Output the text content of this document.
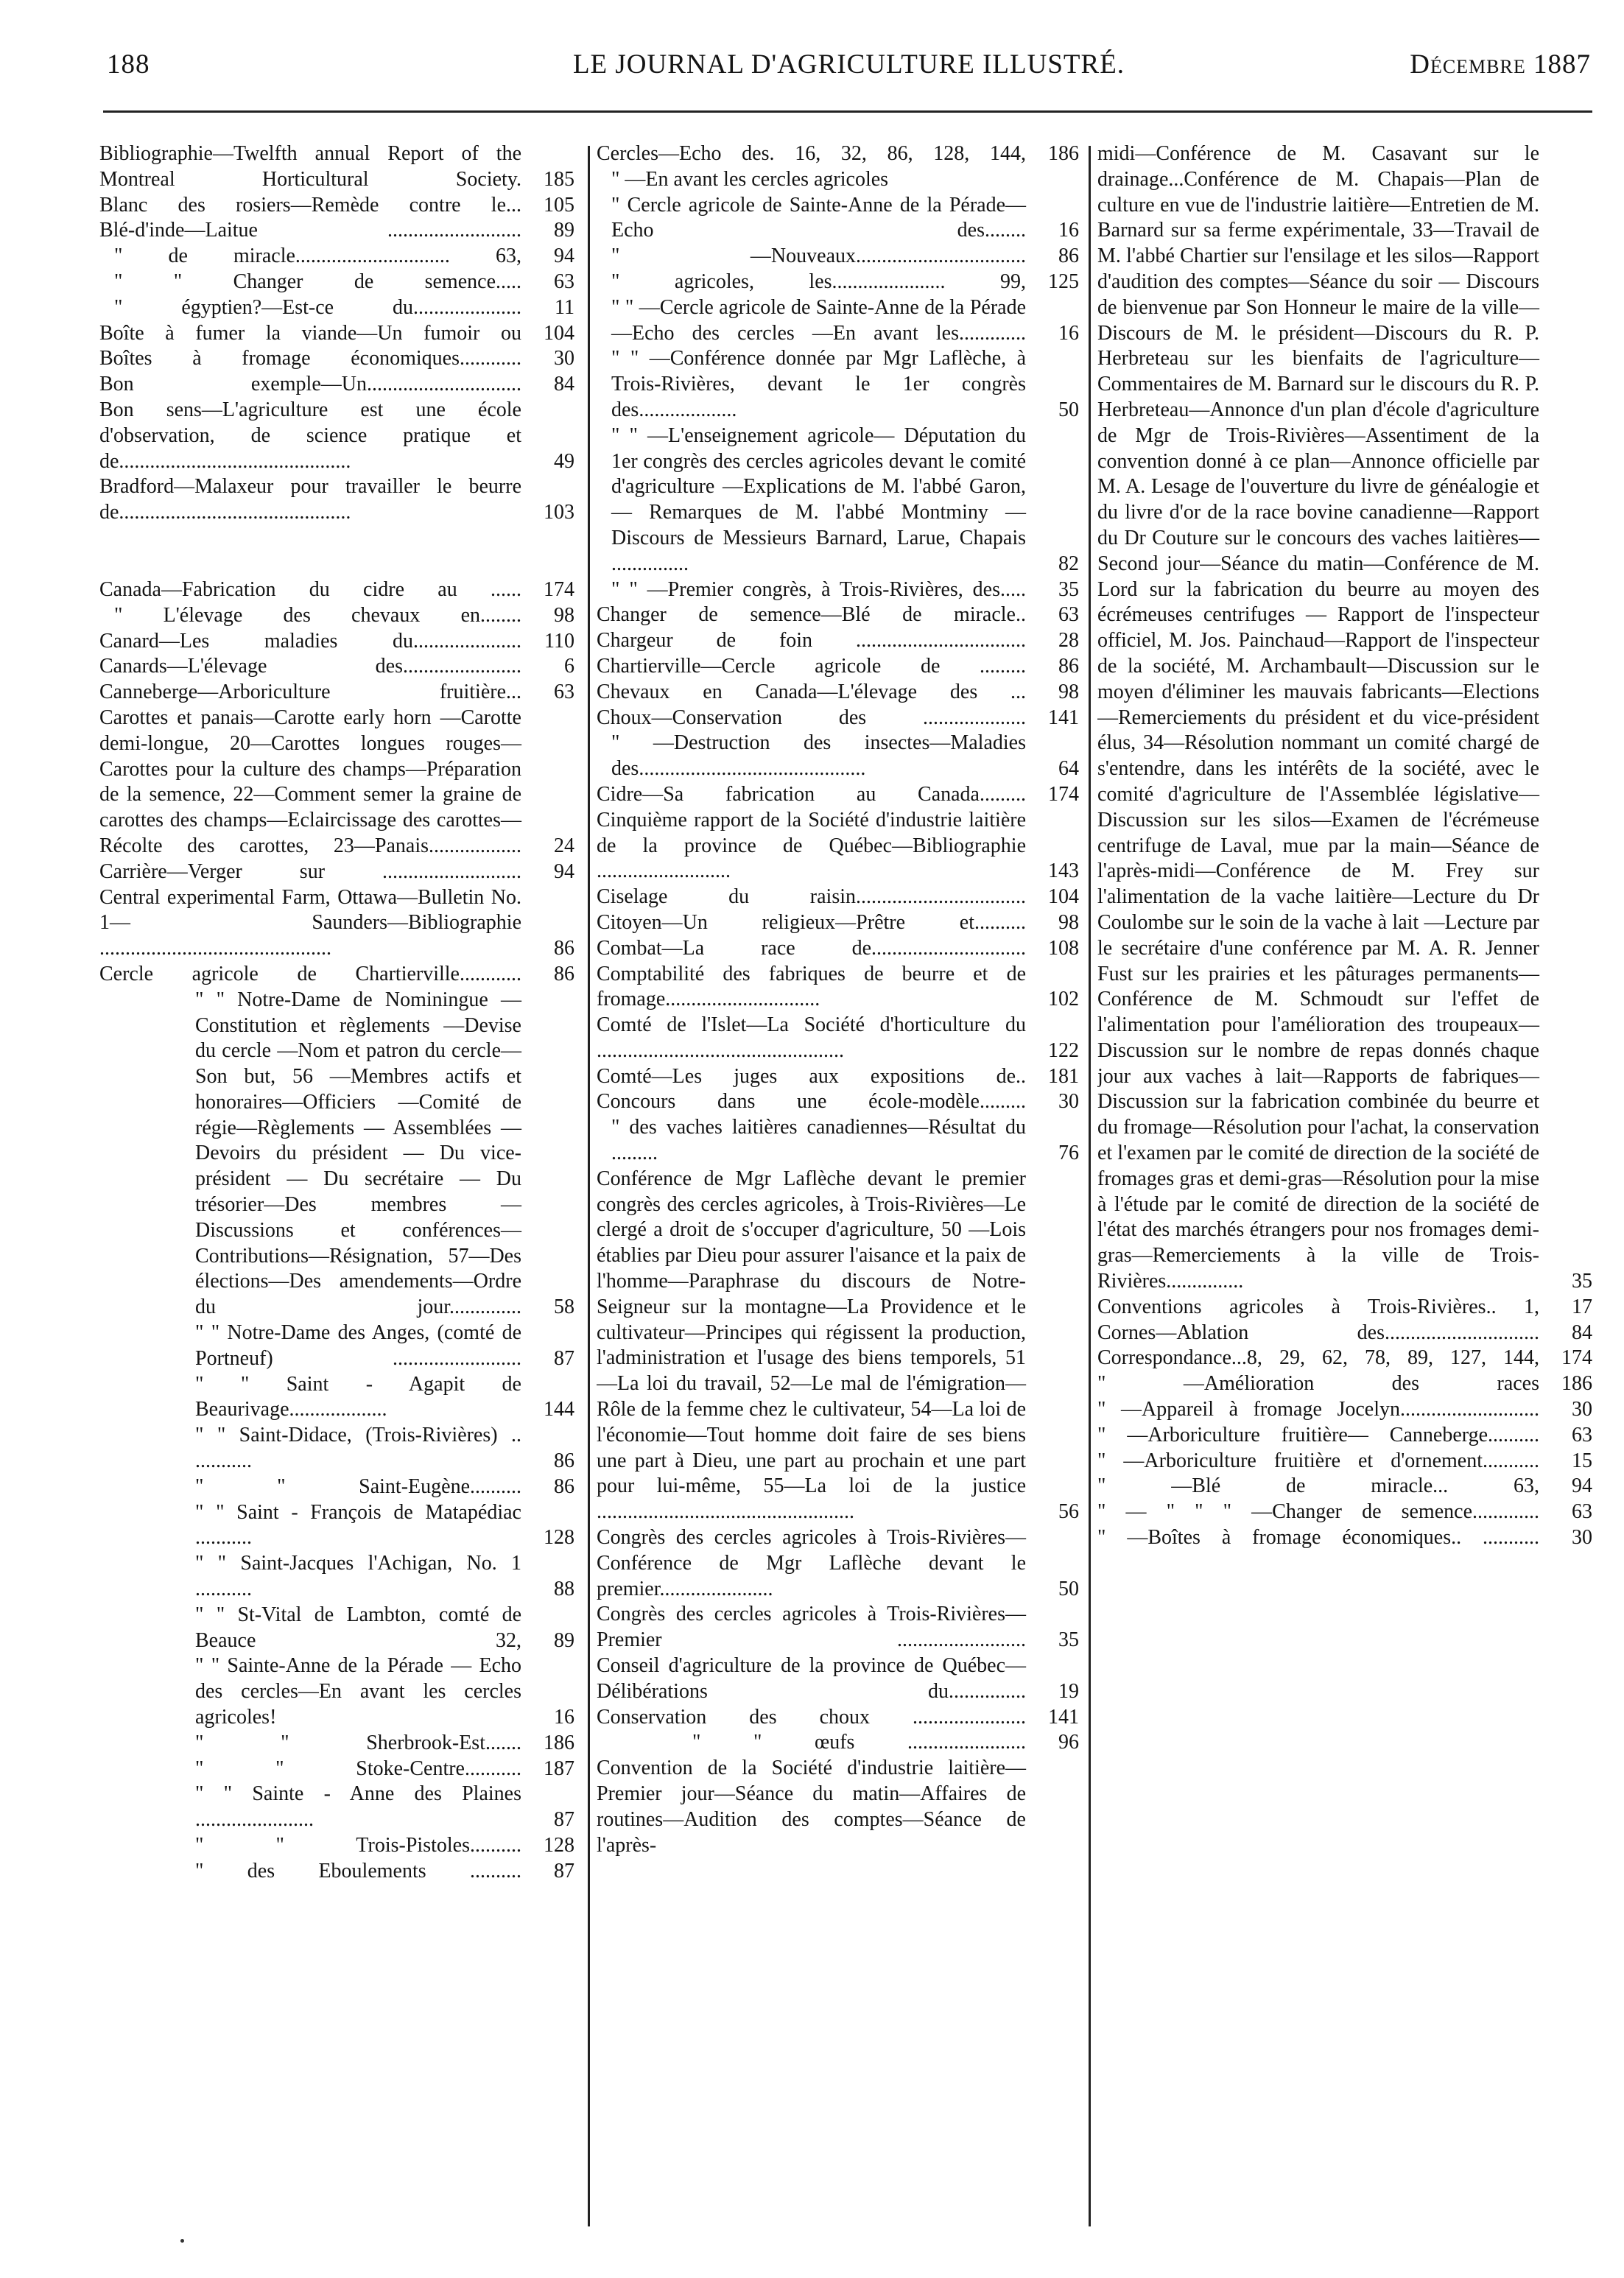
188	LE JOURNAL D'AGRICULTURE ILLUSTRÉ.	Décembre 1887
Bibliographie—Twelfth annual Report of the Montreal Horticultural Society.	185
Blanc des rosiers—Remède contre le...	105
Blé-d'inde—Laitue ..........................	89
" de miracle.............................. 63,	94
" " Changer de semence.....	63
" égyptien?—Est-ce du.....................	11
Boîte à fumer la viande—Un fumoir ou	104
Boîtes à fromage économiques............	30
Bon exemple—Un..............................	84
Bon sens—L'agriculture est une école d'observation, de science pratique et de.............................................	49
Bradford—Malaxeur pour travailler le beurre de.............................................	103
Canada—Fabrication du cidre au ......	174
" L'élevage des chevaux en........	98
Canard—Les maladies du.....................	110
Canards—L'élevage des.......................	6
Canneberge—Arboriculture fruitière...	63
Carottes et panais—Carotte early horn —Carotte demi-longue, 20—Carottes longues rouges— Carottes pour la culture des champs—Préparation de la semence, 22—Comment semer la graine de carottes des champs—Eclaircissage des carottes—Récolte des carottes, 23—Panais..................	24
Carrière—Verger sur ...........................	94
Central experimental Farm, Ottawa—Bulletin No. 1— Saunders—Bibliographie .............................................	86
Cercle agricole de Chartierville............	86
" " Notre-Dame de Nominingue — Constitution et règlements —Devise du cercle —Nom et patron du cercle—Son but, 56 —Membres actifs et honoraires—Officiers —Comité de régie—Règlements — Assemblées — Devoirs du président — Du vice-président — Du secrétaire — Du trésorier—Des membres —Discussions et conférences— Contributions—Résignation, 57—Des élections—Des amendements—Ordre du jour..............	58
" " Notre-Dame des Anges, (comté de Portneuf) .........................	87
" " Saint - Agapit de Beaurivage...................	144
" " Saint-Didace, (Trois-Rivières) .. ...........	86
" " Saint-Eugène..........	86
" " Saint - François de Matapédiac ...........	128
" " Saint-Jacques l'Achigan, No. 1 ...........	88
" " St-Vital de Lambton, comté de Beauce 32,	89
" " Sainte-Anne de la Pérade — Echo des cercles—En avant les cercles agricoles!	16
" " Sherbrook-Est.......	186
" " Stoke-Centre...........	187
" " Sainte - Anne des Plaines .......................	87
" " Trois-Pistoles..........	128
" des Eboulements ..........	87
Cercles—Echo des. 16, 32, 86, 128, 144,	186
" —En avant les cercles agricoles
" Cercle agricole de Sainte-Anne de la Pérade—Echo des........	16
" —Nouveaux.................................	86
" agricoles, les...................... 99,	125
" " —Cercle agricole de Sainte-Anne de la Pérade—Echo des cercles —En avant les.............	16
" " —Conférence donnée par Mgr Laflèche, à Trois-Rivières, devant le 1er congrès des...................	50
" " —L'enseignement agricole— Députation du 1er congrès des cercles agricoles devant le comité d'agriculture —Explications de M. l'abbé Garon, — Remarques de M. l'abbé Montminy — Discours de Messieurs Barnard, Larue, Chapais ...............	82
" " —Premier congrès, à Trois-Rivières, des.....	35
Changer de semence—Blé de miracle..	63
Chargeur de foin .................................	28
Chartierville—Cercle agricole de .........	86
Chevaux en Canada—L'élevage des ...	98
Choux—Conservation des ....................	141
" —Destruction des insectes—Maladies des............................................	64
Cidre—Sa fabrication au Canada.........	174
Cinquième rapport de la Société d'industrie laitière de la province de Québec—Bibliographie ..........................	143
Ciselage du raisin.................................	104
Citoyen—Un religieux—Prêtre et..........	98
Combat—La race de..............................	108
Comptabilité des fabriques de beurre et de fromage..............................	102
Comté de l'Islet—La Société d'horticulture du ................................................	122
Comté—Les juges aux expositions de..	181
Concours dans une école-modèle.........	30
" des vaches laitières canadiennes—Résultat du .........	76
Conférence de Mgr Laflèche devant le premier congrès des cercles agricoles, à Trois-Rivières—Le clergé a droit de s'occuper d'agriculture, 50 —Lois établies par Dieu pour assurer l'aisance et la paix de l'homme—Paraphrase du discours de Notre-Seigneur sur la montagne—La Providence et le cultivateur—Principes qui régissent la production, l'administration et l'usage des biens temporels, 51—La loi du travail, 52—Le mal de l'émigration—Rôle de la femme chez le cultivateur, 54—La loi de l'économie—Tout homme doit faire de ses biens une part à Dieu, une part au prochain et une part pour lui-même, 55—La loi de la justice ..................................................	56
Congrès des cercles agricoles à Trois-Rivières— Conférence de Mgr Laflèche devant le premier......................	50
Congrès des cercles agricoles à Trois-Rivières—Premier .........................	35
Conseil d'agriculture de la province de Québec—Délibérations du...............	19
Conservation des choux ......................	141
" " œufs .......................	96
Convention de la Société d'industrie laitière—Premier jour—Séance du matin—Affaires de routines—Audition des comptes—Séance de l'après-
midi—Conférence de M. Casavant sur le drainage...Conférence de M. Chapais—Plan de culture en vue de l'industrie laitière—Entretien de M. Barnard sur sa ferme expérimentale, 33—Travail de M. l'abbé Chartier sur l'ensilage et les silos—Rapport d'audition des comptes—Séance du soir — Discours de bienvenue par Son Honneur le maire de la ville—Discours de M. le président—Discours du R. P. Herbreteau sur les bienfaits de l'agriculture—Commentaires de M. Barnard sur le discours du R. P. Herbreteau—Annonce d'un plan d'école d'agriculture de Mgr de Trois-Rivières—Assentiment de la convention donné à ce plan—Annonce officielle par M. A. Lesage de l'ouverture du livre de généalogie et du livre d'or de la race bovine canadienne—Rapport du Dr Couture sur le concours des vaches laitières—Second jour—Séance du matin—Conférence de M. Lord sur la fabrication du beurre au moyen des écrémeuses centrifuges — Rapport de l'inspecteur officiel, M. Jos. Painchaud—Rapport de l'inspecteur de la société, M. Archambault—Discussion sur le moyen d'éliminer les mauvais fabricants—Elections—Remerciements du président et du vice-président élus, 34—Résolution nommant un comité chargé de s'entendre, dans les intérêts de la société, avec le comité d'agriculture de l'Assemblée législative—Discussion sur les silos—Examen de l'écrémeuse centrifuge de Laval, mue par la main—Séance de l'après-midi—Conférence de M. Frey sur l'alimentation de la vache laitière—Lecture du Dr Coulombe sur le soin de la vache à lait —Lecture par le secrétaire d'une conférence par M. A. R. Jenner Fust sur les prairies et les pâturages permanents—Conférence de M. Schmoudt sur l'effet de l'alimentation pour l'amélioration des troupeaux—Discussion sur le nombre de repas donnés chaque jour aux vaches à lait—Rapports de fabriques—Discussion sur la fabrication combinée du beurre et du fromage—Résolution pour l'achat, la conservation et l'examen par le comité de direction de la société de fromages gras et demi-gras—Résolution pour la mise à l'étude par le comité de direction de la société de l'état des marchés étrangers pour nos fromages demi-gras—Remerciements à la ville de Trois-Rivières...............	35
Conventions agricoles à Trois-Rivières.. 1,	17
Cornes—Ablation des..............................	84
Correspondance...8, 29, 62, 78, 89, 127, 144,	174
" —Amélioration des races	186
" —Appareil à fromage Jocelyn...........................	30
" —Arboriculture fruitière— Canneberge..........	63
" —Arboriculture fruitière et d'ornement...........	15
" —Blé de miracle... 63,	94
" — " " " —Changer de semence.............	63
" —Boîtes à fromage économiques.. ...........	30
